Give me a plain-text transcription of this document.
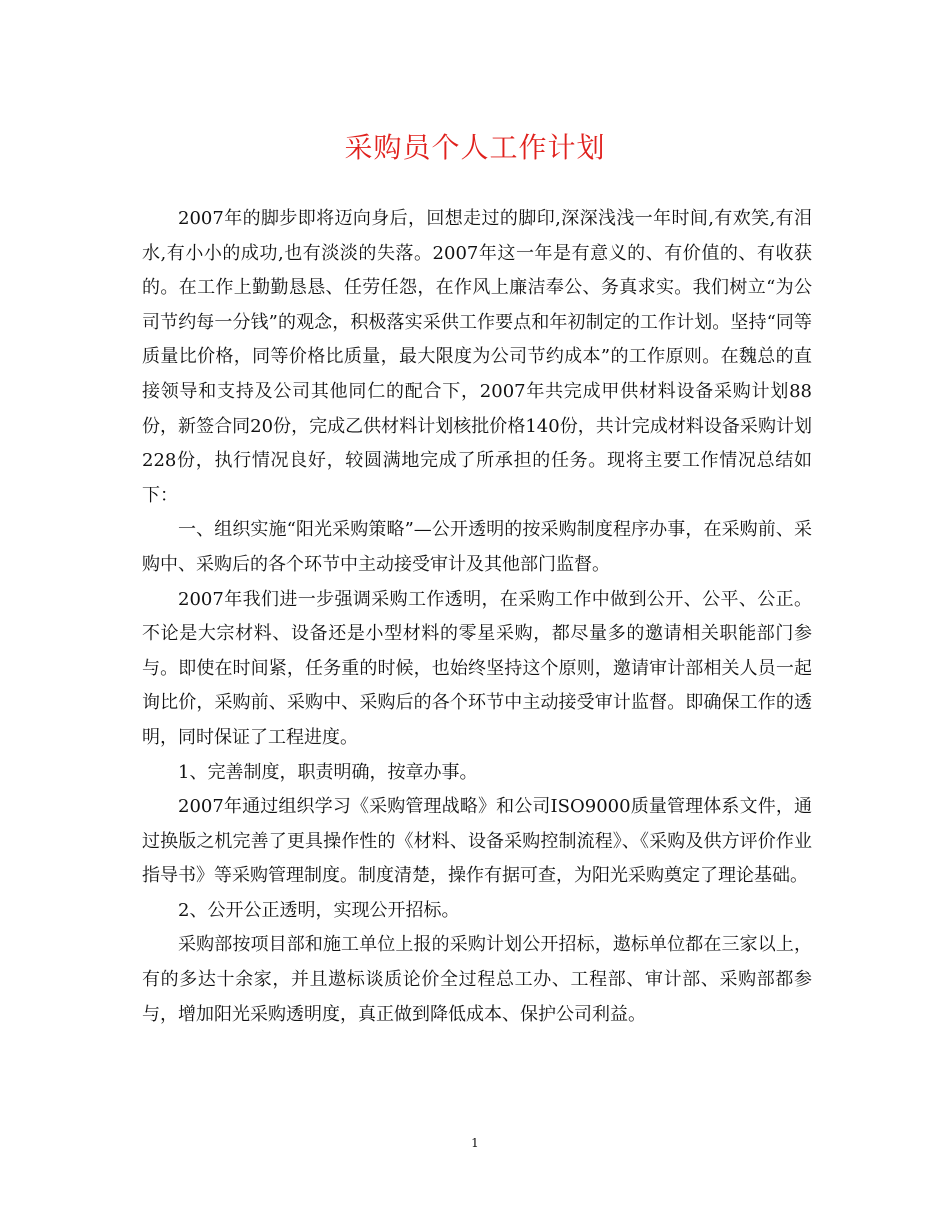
采购员个人工作计划

2007年的脚步即将迈向身后，回想走过的脚印,深深浅浅一年时间,有欢笑,有泪水,有小小的成功,也有淡淡的失落。2007年这一年是有意义的、有价值的、有收获的。在工作上勤勤恳恳、任劳任怨，在作风上廉洁奉公、务真求实。我们树立“为公司节约每一分钱”的观念，积极落实采供工作要点和年初制定的工作计划。坚持“同等质量比价格，同等价格比质量，最大限度为公司节约成本”的工作原则。在魏总的直接领导和支持及公司其他同仁的配合下，2007年共完成甲供材料设备采购计划88份，新签合同20份，完成乙供材料计划核批价格140份，共计完成材料设备采购计划228份，执行情况良好，较圆满地完成了所承担的任务。现将主要工作情况总结如下：

一、组织实施“阳光采购策略”—公开透明的按采购制度程序办事，在采购前、采购中、采购后的各个环节中主动接受审计及其他部门监督。

2007年我们进一步强调采购工作透明，在采购工作中做到公开、公平、公正。不论是大宗材料、设备还是小型材料的零星采购，都尽量多的邀请相关职能部门参与。即使在时间紧，任务重的时候，也始终坚持这个原则，邀请审计部相关人员一起询比价，采购前、采购中、采购后的各个环节中主动接受审计监督。即确保工作的透明，同时保证了工程进度。

1、完善制度，职责明确，按章办事。

2007年通过组织学习《采购管理战略》和公司ISO9000质量管理体系文件，通过换版之机完善了更具操作性的《材料、设备采购控制流程》、《采购及供方评价作业指导书》等采购管理制度。制度清楚，操作有据可查，为阳光采购奠定了理论基础。

2、公开公正透明，实现公开招标。

采购部按项目部和施工单位上报的采购计划公开招标，遨标单位都在三家以上，有的多达十余家，并且遨标谈质论价全过程总工办、工程部、审计部、采购部都参与，增加阳光采购透明度，真正做到降低成本、保护公司利益。

1
